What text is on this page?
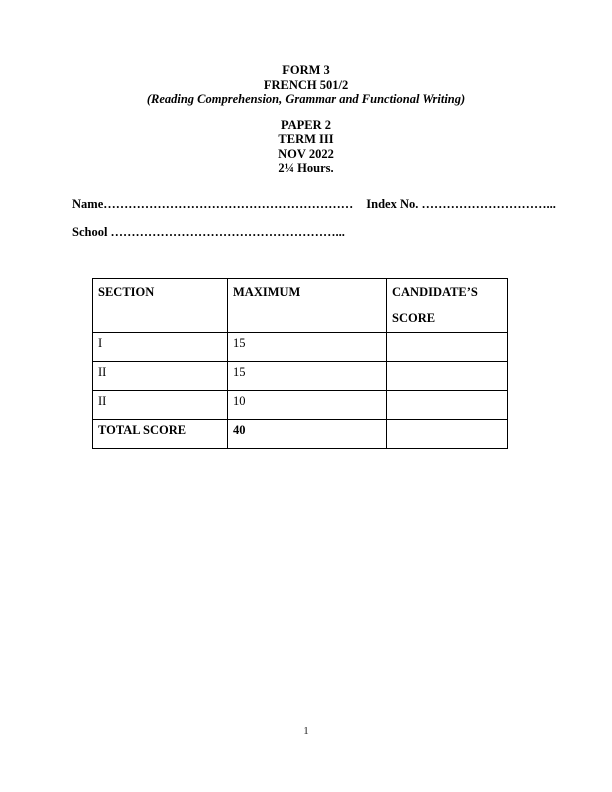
FORM 3
FRENCH 501/2
(Reading Comprehension, Grammar and Functional Writing)
PAPER 2
TERM III
NOV 2022
2¼ Hours.
Name…………………………………………………… Index No. …………………………...
School ………………………………………………...
SECTION	MAXIMUM	CANDIDATE’S
SCORE

I	15	
II	15	
II	10	
TOTAL SCORE	40	
1
